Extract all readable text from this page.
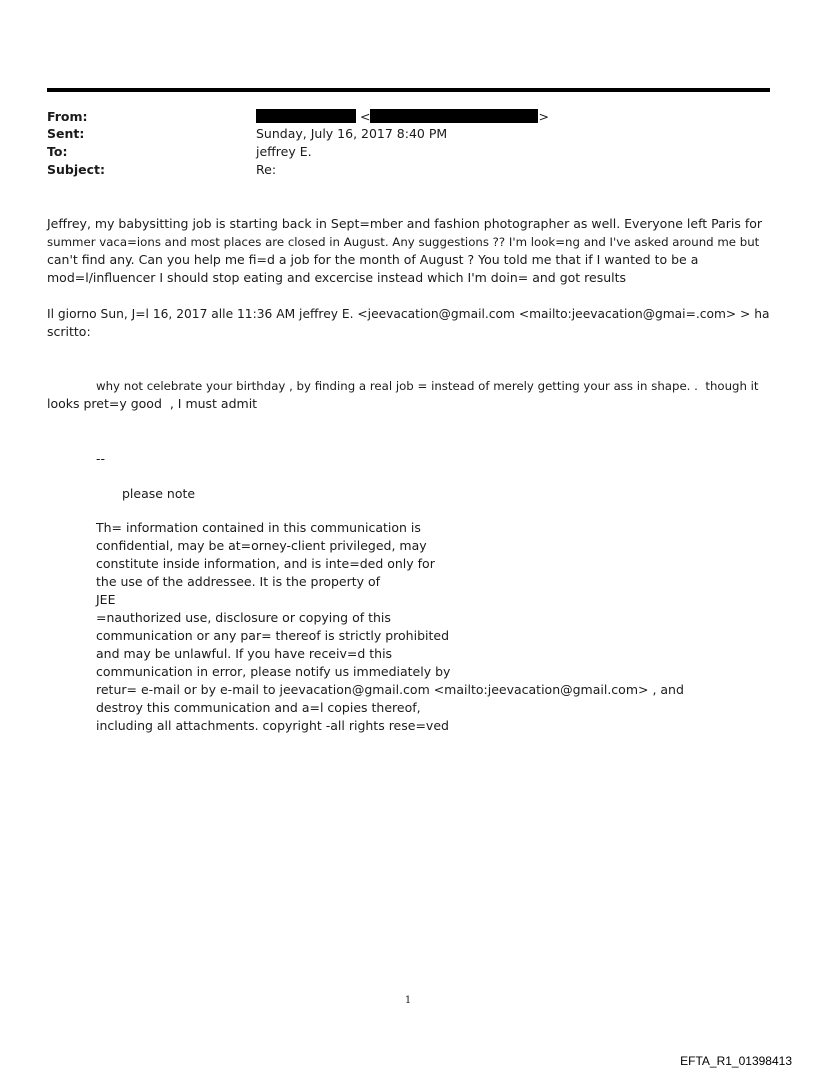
From:	<	>
Sent:	Sunday, July 16, 2017 8:40 PM
To:	jeffrey E.
Subject:	Re:
Jeffrey, my babysitting job is starting back in Sept=mber and fashion photographer as well. Everyone left Paris for
summer vaca=ions and most places are closed in August. Any suggestions ?? I'm look=ng and I've asked around me but
can't find any. Can you help me fi=d a job for the month of August ? You told me that if I wanted to be a
mod=l/influencer I should stop eating and excercise instead which I'm doin= and got results
Il giorno Sun, J=l 16, 2017 alle 11:36 AM jeffrey E. <jeevacation@gmail.com <mailto:jeevacation@gmai=.com> > ha
scritto:
why not celebrate your birthday , by finding a real job = instead of merely getting your ass in shape. .  though it
looks pret=y good  , I must admit
--
please note
Th= information contained in this communication is
confidential, may be at=orney-client privileged, may
constitute inside information, and is inte=ded only for
the use of the addressee. It is the property of
JEE
=nauthorized use, disclosure or copying of this
communication or any par= thereof is strictly prohibited
and may be unlawful. If you have receiv=d this
communication in error, please notify us immediately by
retur= e-mail or by e-mail to jeevacation@gmail.com <mailto:jeevacation@gmail.com> , and
destroy this communication and a=l copies thereof,
including all attachments. copyright -all rights rese=ved
1
EFTA_R1_01398413
